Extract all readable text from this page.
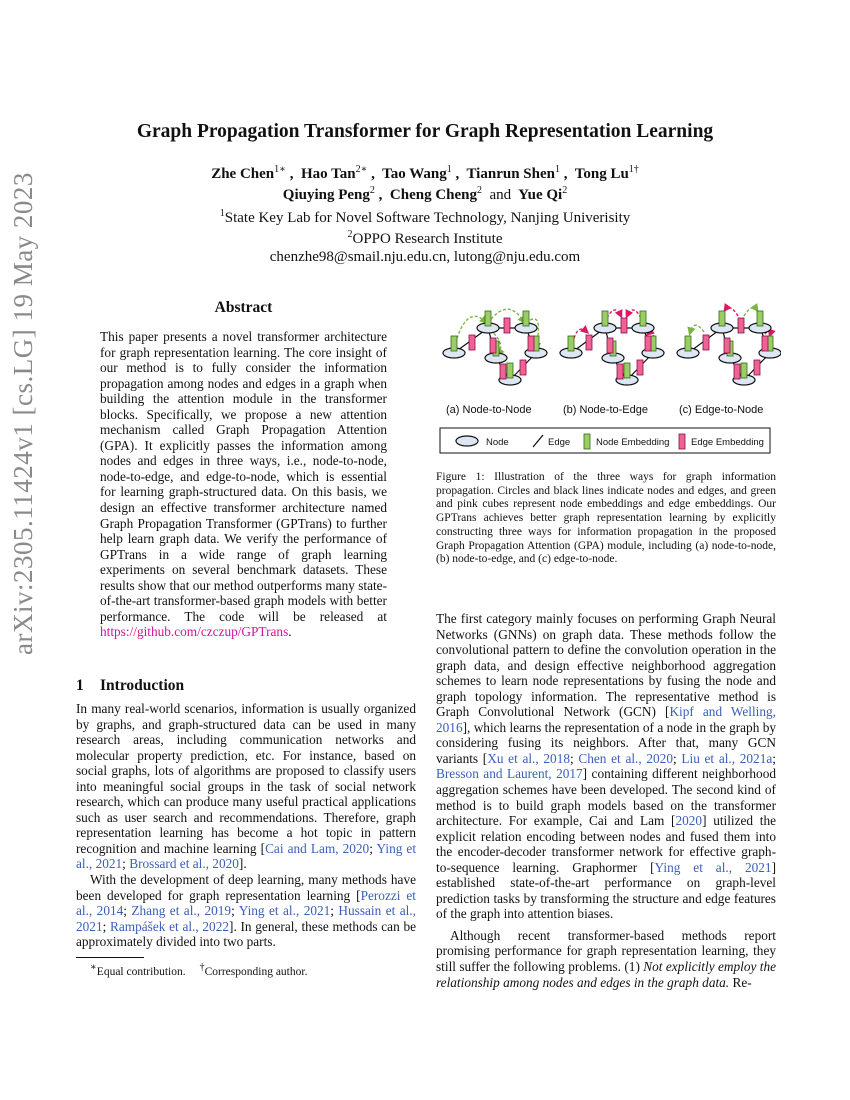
arXiv:2305.11424v1 [cs.LG] 19 May 2023
Graph Propagation Transformer for Graph Representation Learning
Zhe Chen$^{1∗}$ ,  Hao Tan$^{2∗}$ ,  Tao Wang$^1$ ,  Tianrun Shen$^1$ ,  Tong $Lu^{1\dagger}$
Qiuying Peng$^2$ ,  Cheng Cheng$^2$ and Yue Qi$^2$
$^1$State Key Lab for Novel Software Technology, Nanjing Univerisity
$^2$OPPO Research Institute
chenzhe98@smail.nju.edu.cn, lutong@nju.edu.com
Abstract
This paper presents a novel transformer architecture for graph representation learning. The core insight of our method is to fully consider the information propagation among nodes and edges in a graph when building the attention module in the transformer blocks. Specifically, we propose a new attention mechanism called Graph Propagation Attention (GPA). It explicitly passes the information among nodes and edges in three ways, i.e., node-to-node, node-to-edge, and edge-to-node, which is essential for learning graph-structured data. On this basis, we design an effective transformer architecture named Graph Propagation Transformer (GPTrans) to further help learn graph data. We verify the performance of GPTrans in a wide range of graph learning experiments on several benchmark datasets. These results show that our method outperforms many state-of-the-art transformer-based graph models with better performance. The code will be released at https://github.com/czczup/GPTrans.
1 Introduction

In many real-world scenarios, information is usually organized by graphs, and graph-structured data can be used in many research areas, including communication networks and molecular property prediction, etc. For instance, based on social graphs, lots of algorithms are proposed to classify users into meaningful social groups in the task of social network research, which can produce many useful practical applications such as user search and recommendations. Therefore, graph representation learning has become a hot topic in pattern recognition and machine learning [Cai and Lam, 2020; Ying et al., 2021; Brossard et al., 2020].

With the development of deep learning, many methods have been developed for graph representation learning [Perozzi et al., 2014; Zhang et al., 2019; Ying et al., 2021; Hussain et al., 2021; Rampášek et al., 2022]. In general, these methods can be approximately divided into two parts.

∗Equal contribution. †Corresponding author.
(a) Node-to-Node	(b) Node-to-Edge	(c) Edge-to-Node
Node	Edge	Node Embedding Edge Embedding
Figure 1: Illustration of the three ways for graph information propagation. Circles and black lines indicate nodes and edges, and green and pink cubes represent node embeddings and edge embeddings. Our GPTrans achieves better graph representation learning by explicitly constructing three ways for information propagation in the proposed Graph Propagation Attention (GPA) module, including (a) node-to-node, (b) node-to-edge, and (c) edge-to-node.

The first category mainly focuses on performing Graph Neural Networks (GNNs) on graph data. These methods follow the convolutional pattern to define the convolution operation in the graph data, and design effective neighborhood aggregation schemes to learn node representations by fusing the node and graph topology information. The representative method is Graph Convolutional Network (GCN) [Kipf and Welling, 2016], which learns the representation of a node in the graph by considering fusing its neighbors. After that, many GCN variants [Xu et al., 2018; Chen et al., 2020; Liu et al., 2021a; Bresson and Laurent, 2017] containing different neighborhood aggregation schemes have been developed. The second kind of method is to build graph models based on the transformer architecture. For example, Cai and Lam [2020] utilized the explicit relation encoding between nodes and fused them into the encoder-decoder transformer network for effective graph-to-sequence learning. Graphormer [Ying et al., 2021] established state-of-the-art performance on graph-level prediction tasks by transforming the structure and edge features of the graph into attention biases.

Although recent transformer-based methods report promising performance for graph representation learning, they still suffer the following problems. (1) Not explicitly employ the relationship among nodes and edges in the graph data. Re-
